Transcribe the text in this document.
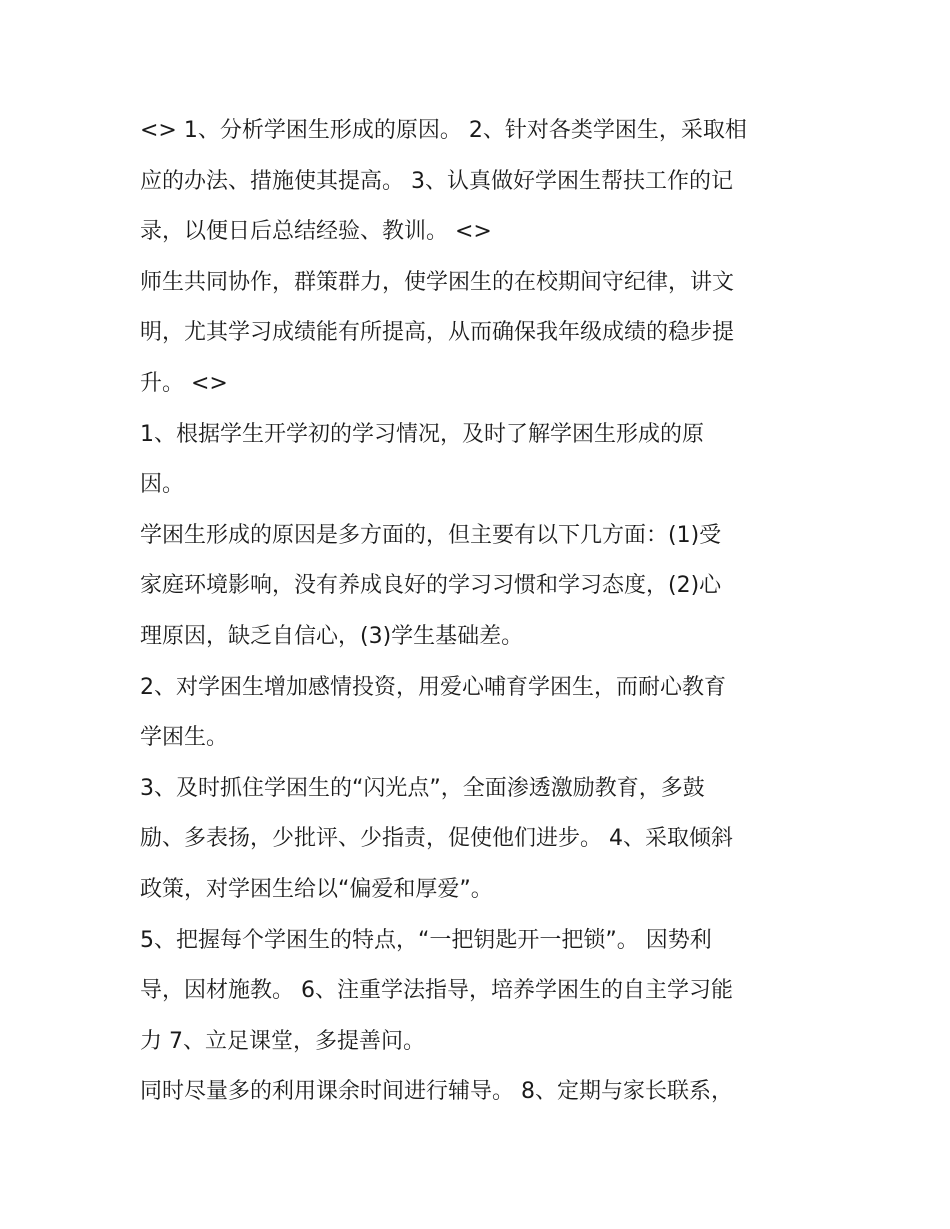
<> 1、分析学困生形成的原因。 2、针对各类学困生，采取相
应的办法、措施使其提高。 3、认真做好学困生帮扶工作的记
录，以便日后总结经验、教训。 <>

师生共同协作，群策群力，使学困生的在校期间守纪律，讲文
明，尤其学习成绩能有所提高，从而确保我年级成绩的稳步提
升。 <>

1、根据学生开学初的学习情况，及时了解学困生形成的原
因。

学困生形成的原因是多方面的，但主要有以下几方面：(1)受
家庭环境影响，没有养成良好的学习习惯和学习态度，(2)心
理原因，缺乏自信心，(3)学生基础差。

2、对学困生增加感情投资，用爱心哺育学困生，而耐心教育
学困生。

3、及时抓住学困生的“闪光点”，全面渗透激励教育，多鼓
励、多表扬，少批评、少指责，促使他们进步。 4、采取倾斜
政策，对学困生给以“偏爱和厚爱”。

5、把握每个学困生的特点，“一把钥匙开一把锁”。 因势利
导，因材施教。 6、注重学法指导，培养学困生的自主学习能
力 7、立足课堂，多提善问。

同时尽量多的利用课余时间进行辅导。 8、定期与家长联系，
